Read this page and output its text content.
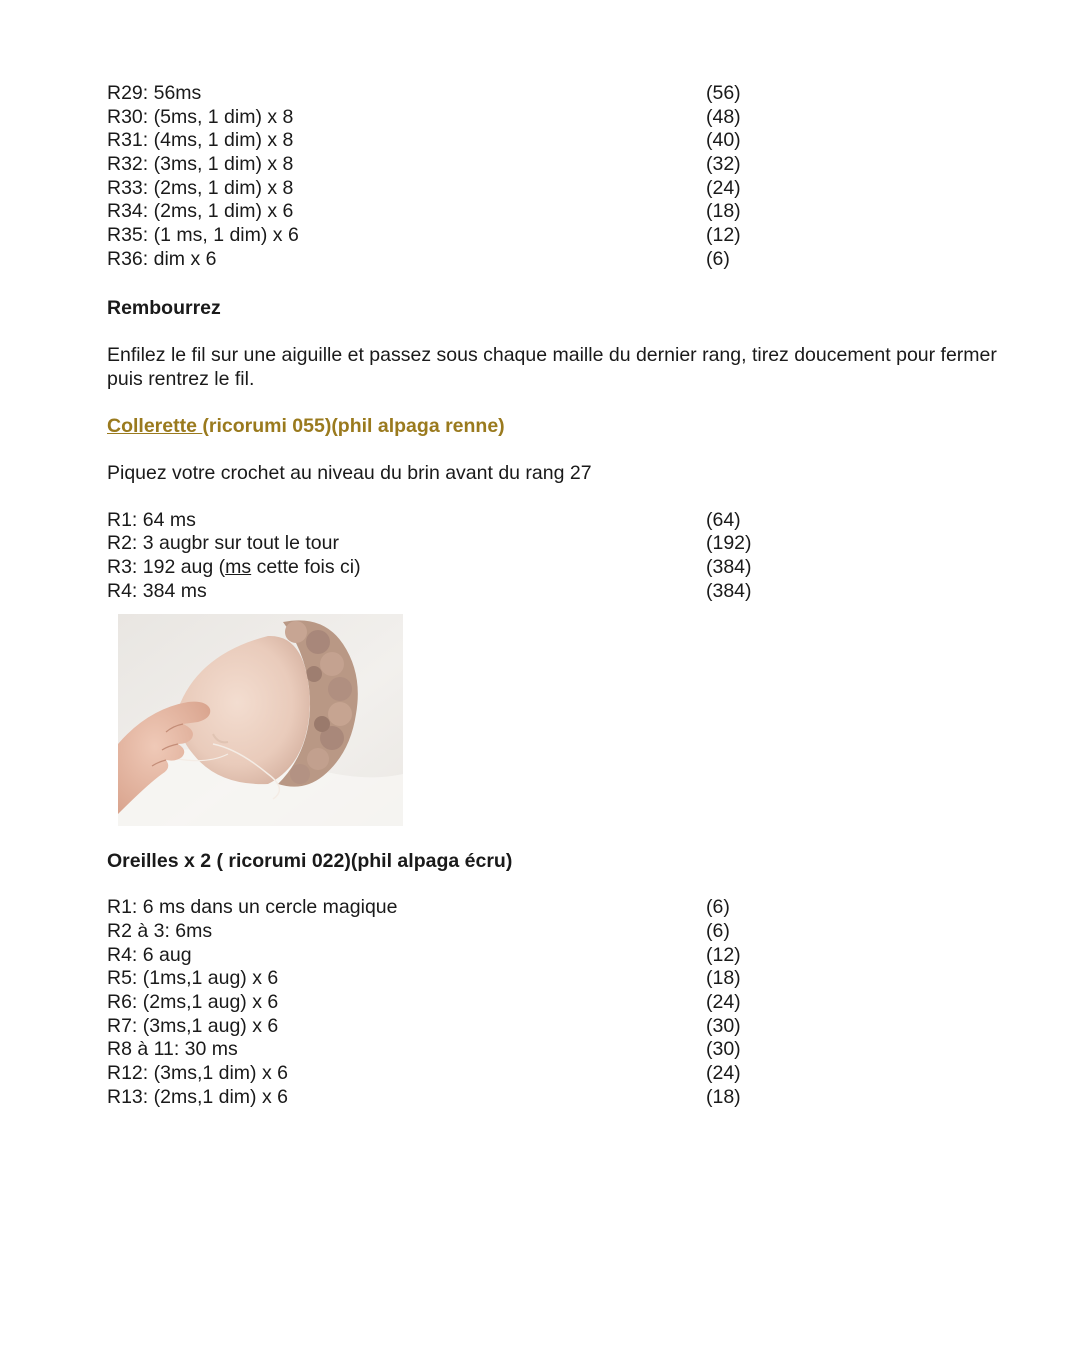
R29: 56ms	(56)
R30: (5ms, 1 dim) x 8	(48)
R31: (4ms, 1 dim) x 8	(40)
R32: (3ms, 1 dim) x 8	(32)
R33: (2ms, 1 dim) x 8	(24)
R34: (2ms, 1 dim) x 6	(18)
R35: (1 ms, 1 dim) x 6	(12)
R36: dim x 6	(6)
Rembourrez
Enfilez le fil sur une aiguille et passez sous chaque maille du dernier rang, tirez doucement pour fermer puis rentrez le fil.
Collerette (ricorumi 055)(phil alpaga renne)
Piquez votre crochet au niveau du brin avant du rang 27
R1: 64 ms	(64)
R2: 3 augbr sur tout le tour	(192)
R3: 192 aug (ms cette fois ci)	(384)
R4: 384 ms	(384)
Oreilles x 2 ( ricorumi 022)(phil alpaga écru)
R1: 6 ms dans un cercle magique	(6)
R2 à 3: 6ms	(6)
R4: 6 aug	(12)
R5: (1ms,1 aug) x 6	(18)
R6: (2ms,1 aug) x 6	(24)
R7: (3ms,1 aug) x 6	(30)
R8 à 11: 30 ms	(30)
R12: (3ms,1 dim) x 6	(24)
R13: (2ms,1 dim) x 6	(18)
